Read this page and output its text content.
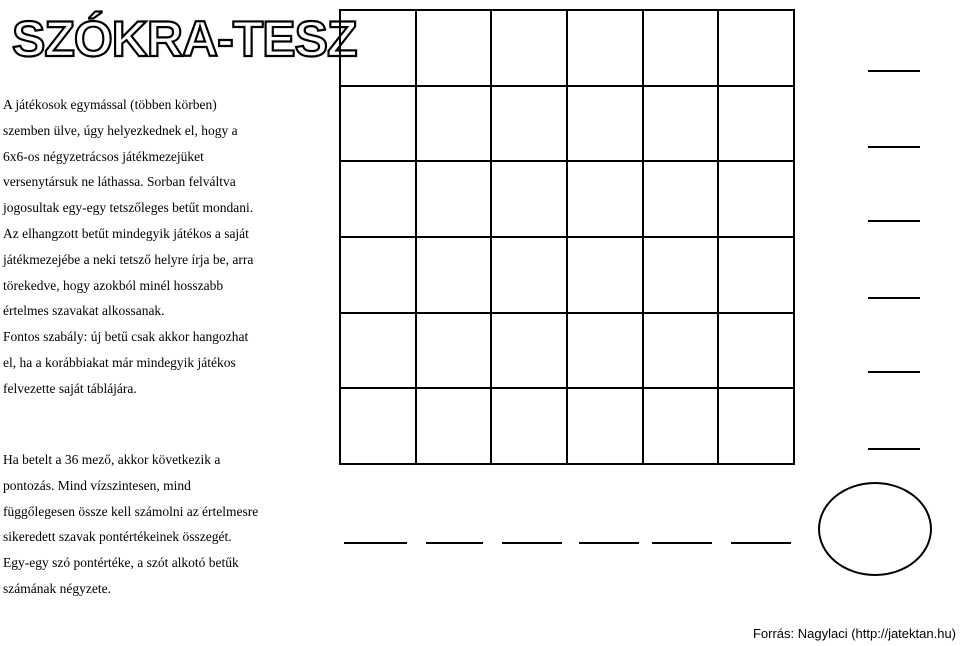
SZÓKRA-TESZ
A játékosok egymással (többen körben)
szemben ülve, úgy helyezkednek el, hogy a
6x6-os négyzetrácsos játékmezejüket
versenytársuk ne láthassa. Sorban felváltva
jogosultak egy-egy tetszőleges betűt mondani.
Az elhangzott betűt mindegyik játékos a saját
játékmezejébe a neki tetsző helyre írja be, arra
törekedve, hogy azokból minél hosszabb
értelmes szavakat alkossanak.
Fontos szabály: új betű csak akkor hangozhat
el, ha a korábbiakat már mindegyik játékos
felvezette saját táblájára.
Ha betelt a 36 mező, akkor következik a
pontozás. Mind vízszintesen, mind
függőlegesen össze kell számolni az értelmesre
sikeredett szavak pontértékeinek összegét.
Egy-egy szó pontértéke, a szót alkotó betűk
számának négyzete.
Forrás: Nagylaci (http://jatektan.hu)
